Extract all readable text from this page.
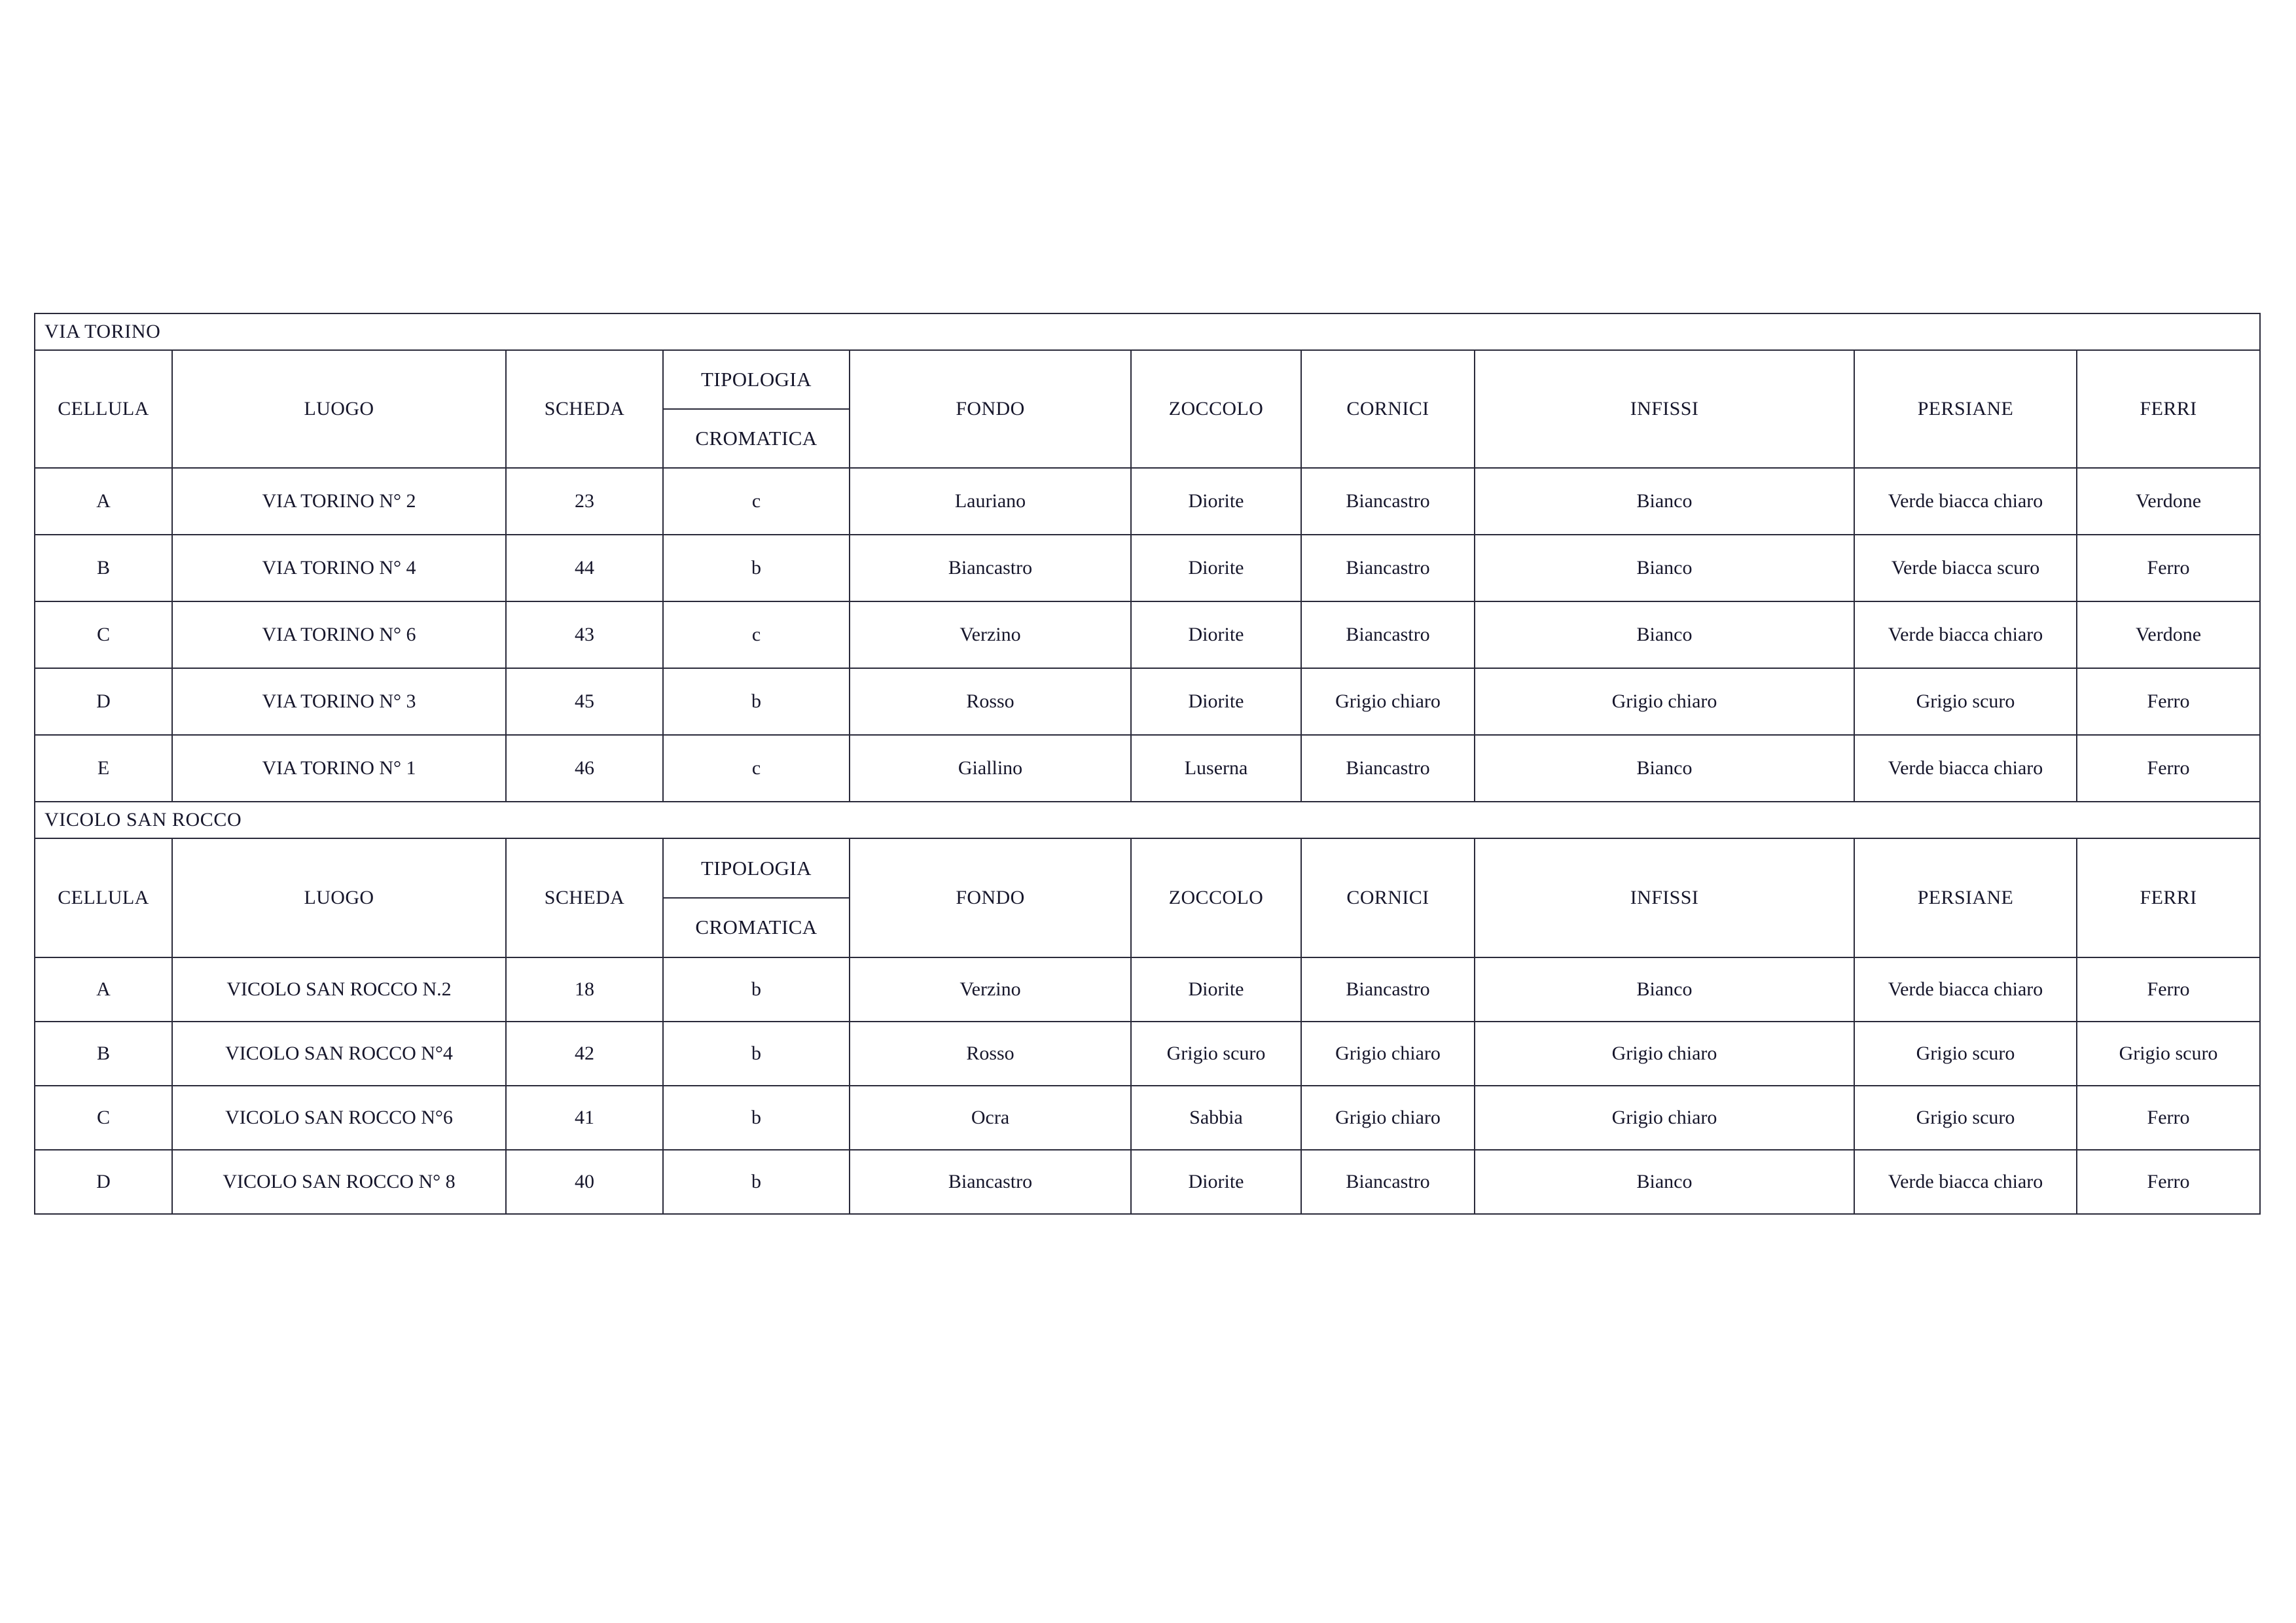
VIA TORINO									
CELLULA	LUOGO	SCHEDA	TIPOLOGIA
CROMATICA	FONDO	ZOCCOLO	CORNICI	INFISSI	PERSIANE	FERRI
A	VIA TORINO N° 2	23	c	Lauriano	Diorite	Biancastro	Bianco	Verde biacca chiaro	Verdone
B	VIA TORINO N° 4	44	b	Biancastro	Diorite	Biancastro	Bianco	Verde biacca scuro	Ferro
C	VIA TORINO N° 6	43	c	Verzino	Diorite	Biancastro	Bianco	Verde biacca chiaro	Verdone
D	VIA TORINO N° 3	45	b	Rosso	Diorite	Grigio chiaro	Grigio chiaro	Grigio scuro	Ferro
E	VIA TORINO N° 1	46	c	Giallino	Luserna	Biancastro	Bianco	Verde biacca chiaro	Ferro
VICOLO SAN ROCCO									
CELLULA	LUOGO	SCHEDA	TIPOLOGIA
CROMATICA	FONDO	ZOCCOLO	CORNICI	INFISSI	PERSIANE	FERRI
A	VICOLO SAN ROCCO N.2	18	b	Verzino	Diorite	Biancastro	Bianco	Verde biacca chiaro	Ferro
B	VICOLO SAN ROCCO N°4	42	b	Rosso	Grigio scuro	Grigio chiaro	Grigio chiaro	Grigio scuro	Grigio scuro
C	VICOLO SAN ROCCO N°6	41	b	Ocra	Sabbia	Grigio chiaro	Grigio chiaro	Grigio scuro	Ferro
D	VICOLO SAN ROCCO N° 8	40	b	Biancastro	Diorite	Biancastro	Bianco	Verde biacca chiaro	Ferro
